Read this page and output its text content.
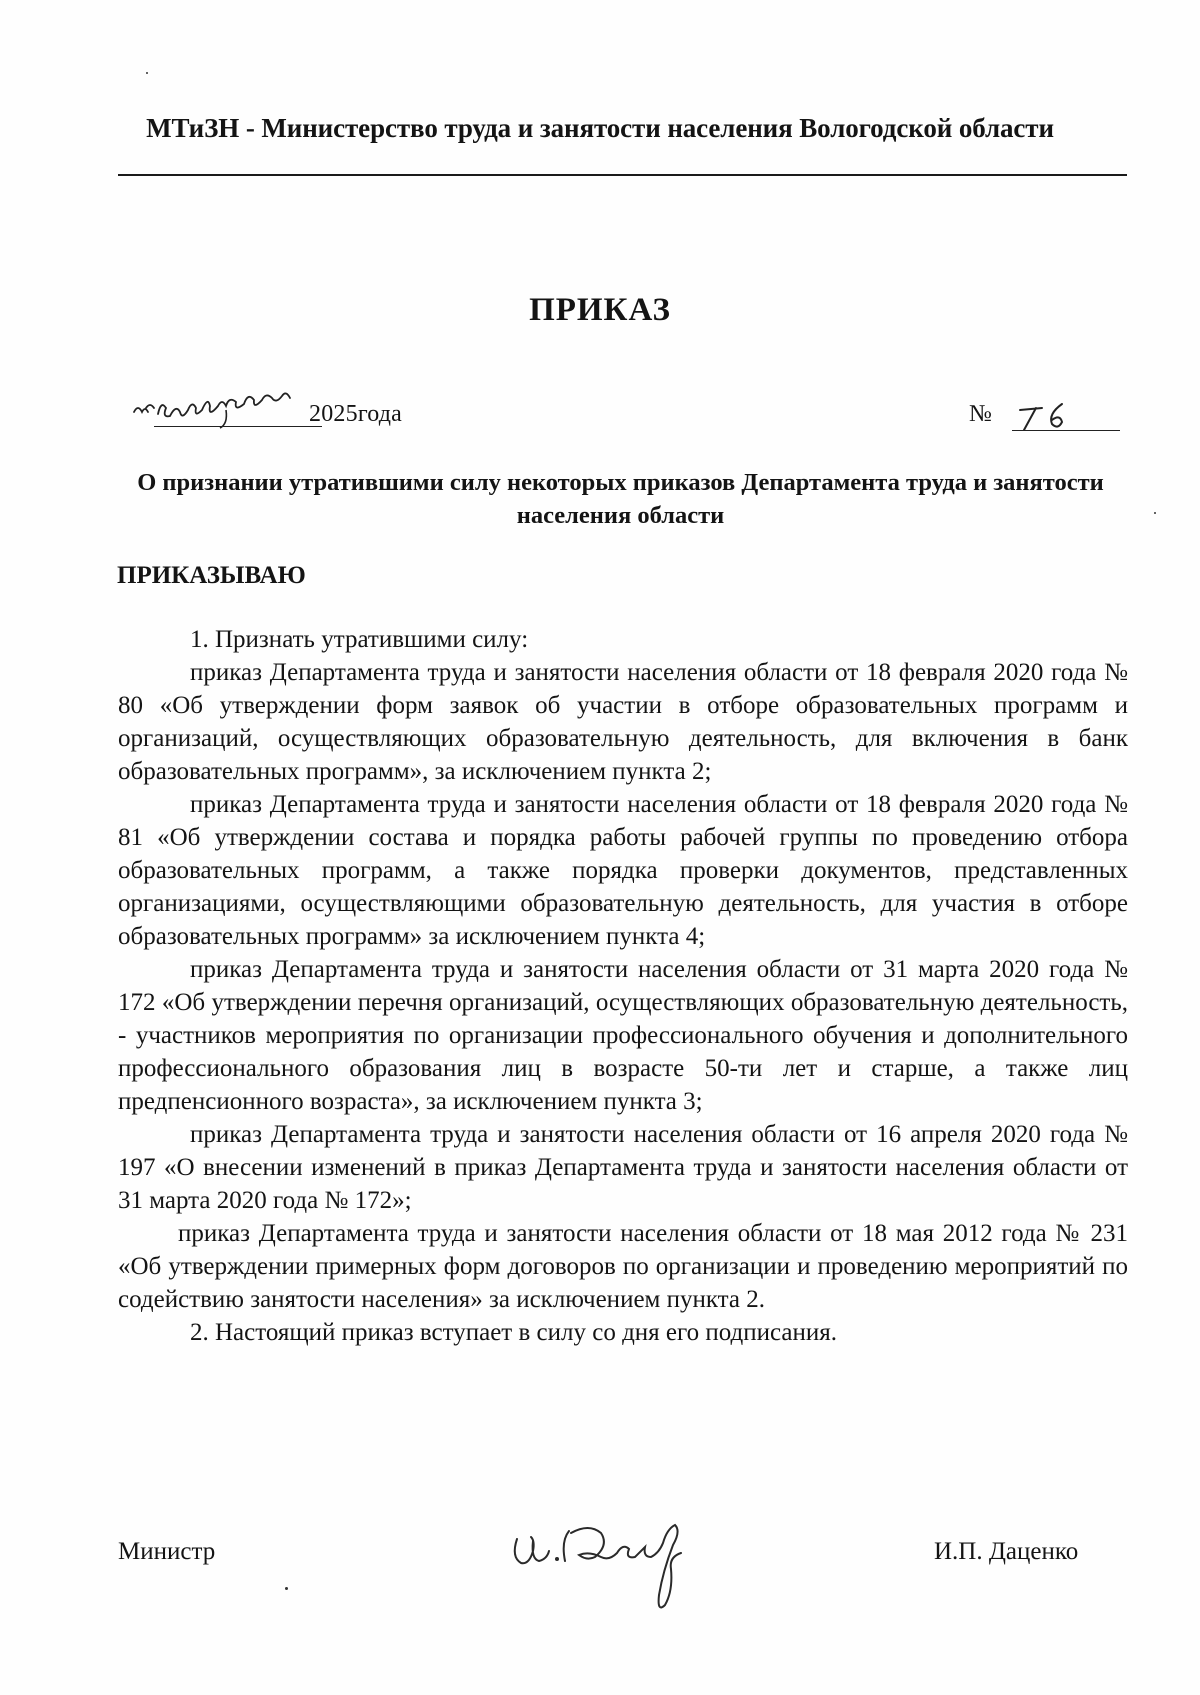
МТиЗН - Министерство труда и занятости населения Вологодской области
ПРИКАЗ
2025года	№
О признании утратившими силу некоторых приказов Департамента труда и занятости населения области
ПРИКАЗЫВАЮ

1. Признать утратившими силу:

приказ Департамента труда и занятости населения области от 18 февраля 2020 года № 80 «Об утверждении форм заявок об участии в отборе образовательных программ и организаций, осуществляющих образовательную деятельность, для включения в банк образовательных программ», за исключением пункта 2;

приказ Департамента труда и занятости населения области от 18 февраля 2020 года № 81 «Об утверждении состава и порядка работы рабочей группы по проведению отбора образовательных программ, а также порядка проверки документов, представленных организациями, осуществляющими образовательную деятельность, для участия в отборе образовательных программ» за исключением пункта 4;

приказ Департамента труда и занятости населения области от 31 марта 2020 года № 172 «Об утверждении перечня организаций, осуществляющих образовательную деятельность, - участников мероприятия по организации профессионального обучения и дополнительного профессионального образования лиц в возрасте 50-ти лет и старше, а также лиц предпенсионного возраста», за исключением пункта 3;

приказ Департамента труда и занятости населения области от 16 апреля 2020 года № 197 «О внесении изменений в приказ Департамента труда и занятости населения области от 31 марта 2020 года № 172»;

приказ Департамента труда и занятости населения области от 18 мая 2012 года № 231 «Об утверждении примерных форм договоров по организации и проведению мероприятий по содействию занятости населения» за исключением пункта 2.

2. Настоящий приказ вступает в силу со дня его подписания.

Министр	И.П. Даценко
